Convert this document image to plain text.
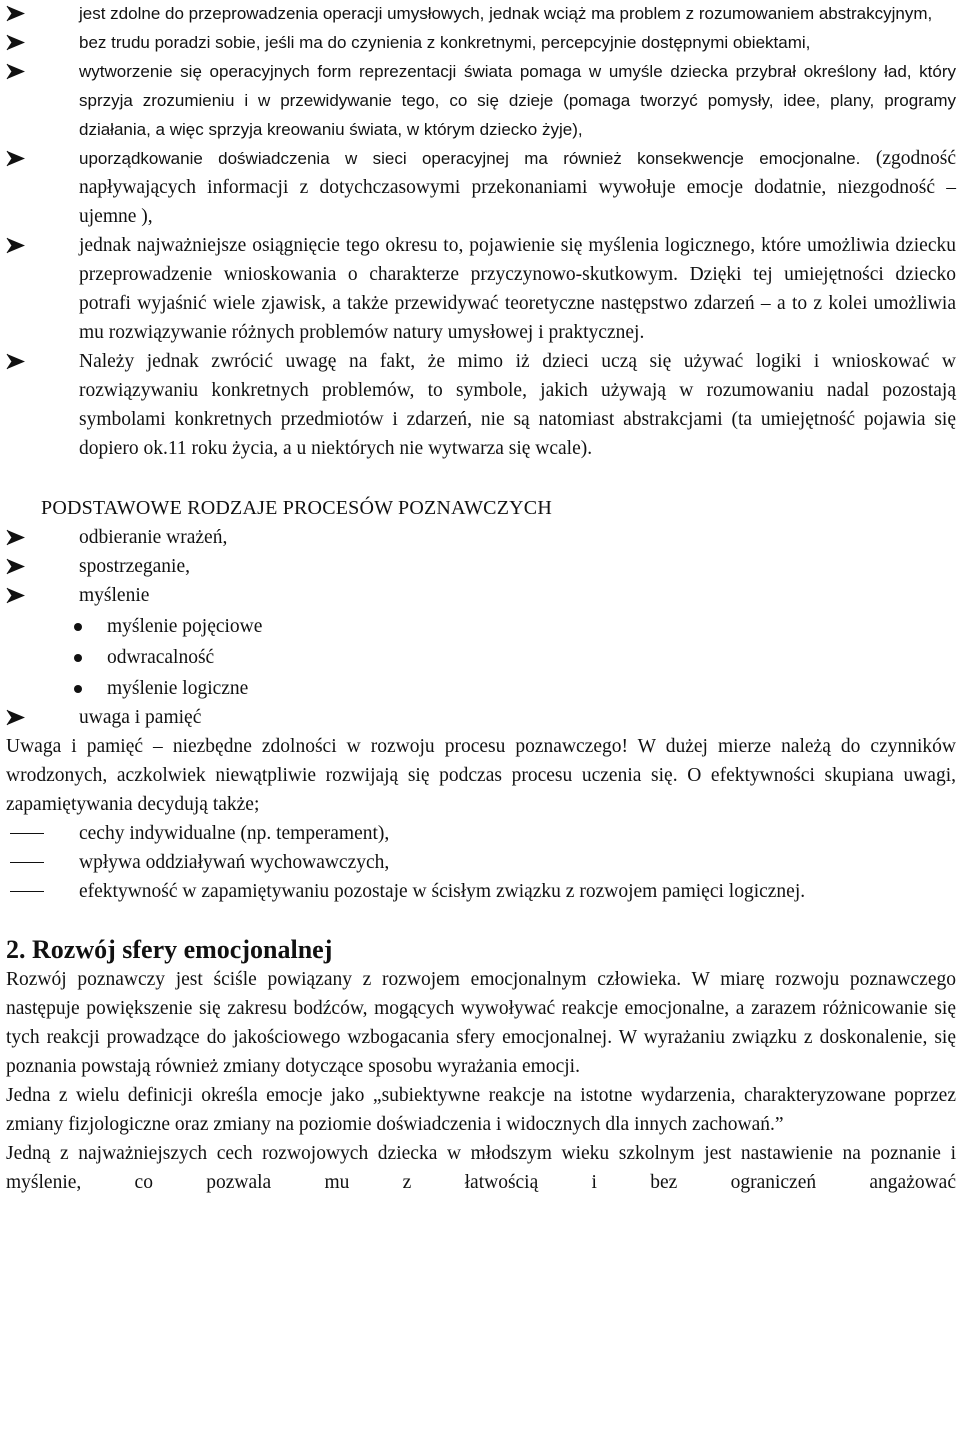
jest zdolne do przeprowadzenia operacji umysłowych, jednak wciąż ma problem z rozumowaniem abstrakcyjnym,
bez trudu poradzi sobie, jeśli ma do czynienia z konkretnymi, percepcyjnie dostępnymi obiektami,
wytworzenie się operacyjnych form reprezentacji świata pomaga w umyśle dziecka przybrał określony ład, który sprzyja zrozumieniu i w przewidywanie tego, co się dzieje (pomaga tworzyć pomysły, idee, plany, programy działania, a więc sprzyja kreowaniu świata, w którym dziecko żyje),
uporządkowanie doświadczenia w sieci operacyjnej ma również konsekwencje emocjonalne. (zgodność napływających informacji z dotychczasowymi przekonaniami wywołuje emocje dodatnie, niezgodność – ujemne ),
jednak najważniejsze osiągnięcie tego okresu to, pojawienie się myślenia logicznego, które umożliwia dziecku przeprowadzenie wnioskowania o charakterze przyczynowo-skutkowym. Dzięki tej umiejętności dziecko potrafi wyjaśnić wiele zjawisk, a także przewidywać teoretyczne następstwo zdarzeń – a to z kolei umożliwia mu rozwiązywanie różnych problemów natury umysłowej i praktycznej.
Należy jednak zwrócić uwagę na fakt, że mimo iż dzieci uczą się używać logiki i wnioskować w rozwiązywaniu konkretnych problemów, to symbole, jakich używają w rozumowaniu nadal pozostają symbolami konkretnych przedmiotów i zdarzeń, nie są natomiast abstrakcjami (ta umiejętność pojawia się dopiero ok.11 roku życia, a u niektórych nie wytwarza się wcale).
PODSTAWOWE RODZAJE PROCESÓW POZNAWCZYCH
odbieranie wrażeń,
spostrzeganie,
myślenie
myślenie pojęciowe
odwracalność
myślenie logiczne
uwaga i pamięć
Uwaga i pamięć – niezbędne zdolności w rozwoju procesu poznawczego! W dużej mierze należą do czynników wrodzonych, aczkolwiek niewątpliwie rozwijają się podczas procesu uczenia się. O efektywności skupiana uwagi, zapamiętywania decydują także;
cechy indywidualne (np. temperament),
wpływa oddziaływań wychowawczych,
efektywność w zapamiętywaniu pozostaje w ścisłym związku z rozwojem pamięci logicznej.
2. Rozwój sfery emocjonalnej
Rozwój poznawczy jest ściśle powiązany z rozwojem emocjonalnym człowieka. W miarę rozwoju poznawczego następuje powiększenie się zakresu bodźców, mogących wywoływać reakcje emocjonalne, a zarazem różnicowanie się tych reakcji prowadzące do jakościowego wzbogacania sfery emocjonalnej. W wyrażaniu związku z doskonalenie, się poznania powstają również zmiany dotyczące sposobu wyrażania emocji.
Jedna z wielu definicji określa emocje jako „subiektywne reakcje na istotne wydarzenia, charakteryzowane poprzez zmiany fizjologiczne oraz zmiany na poziomie doświadczenia i widocznych dla innych zachowań.”
Jedną z najważniejszych cech rozwojowych dziecka w młodszym wieku szkolnym jest nastawienie na poznanie i myślenie, co pozwala mu z łatwością i bez ograniczeń angażować
